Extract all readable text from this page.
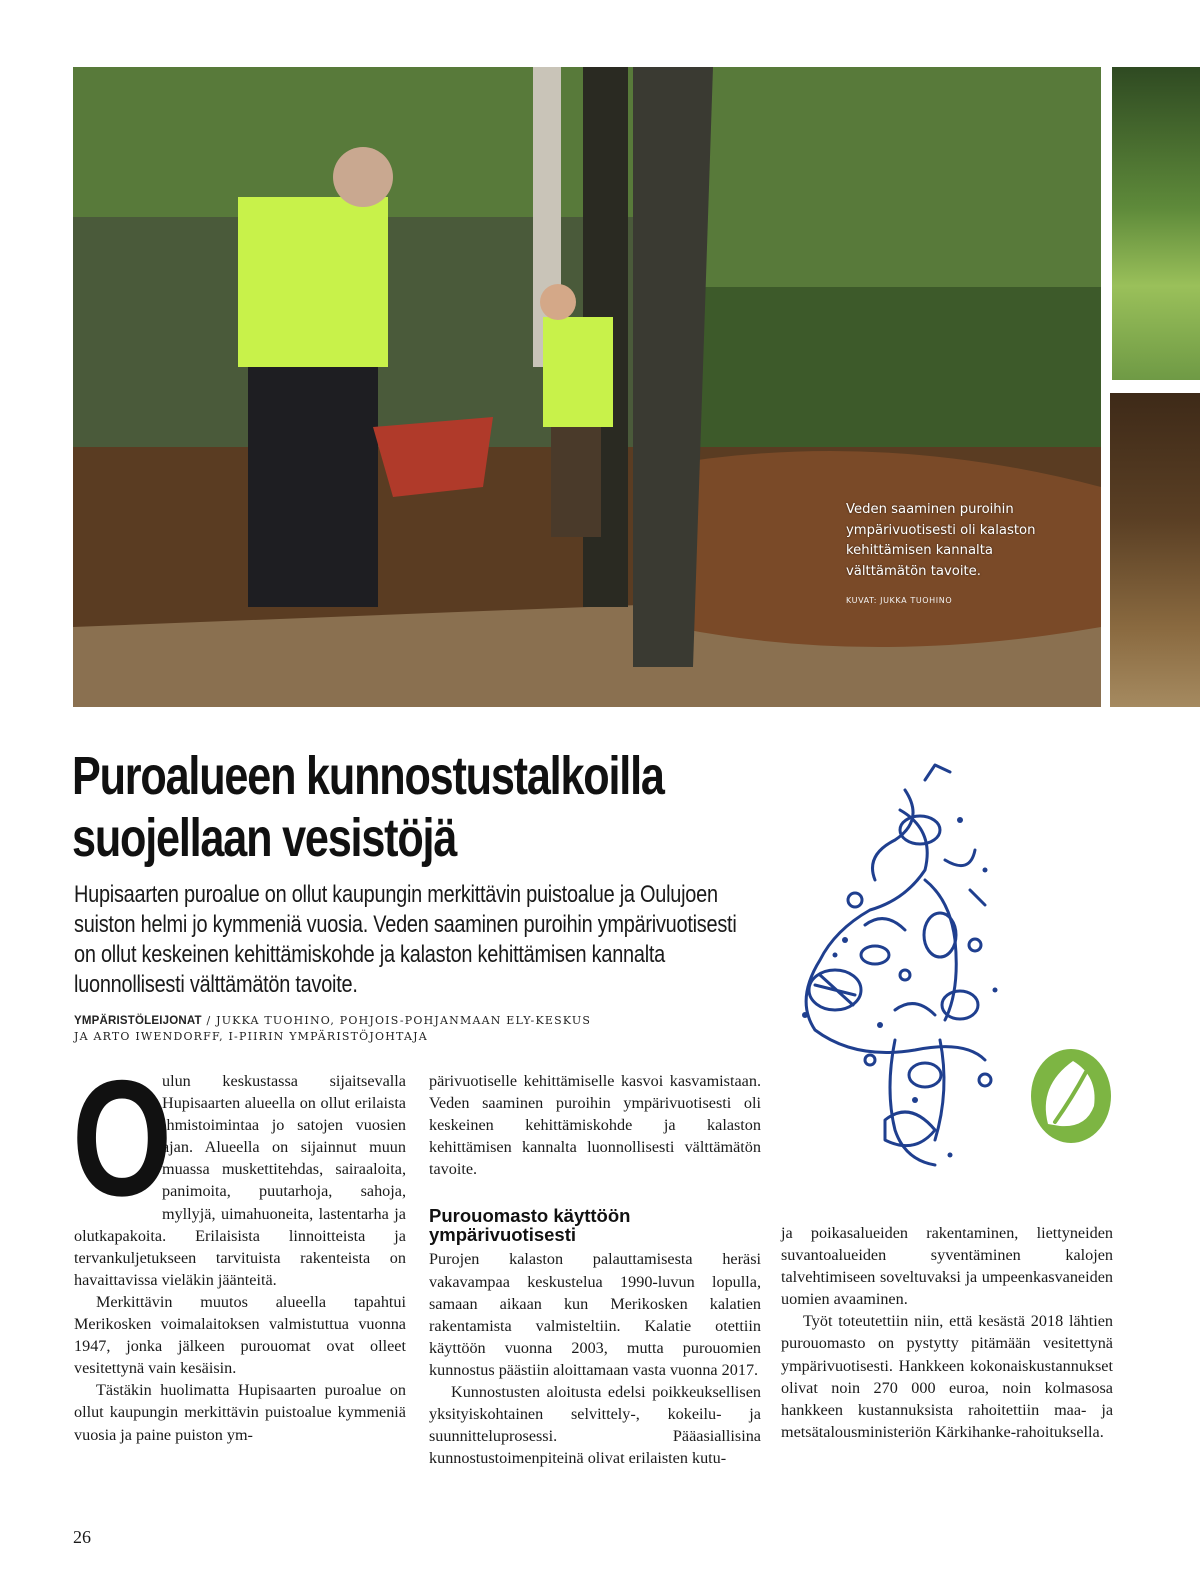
Veden saaminen puroihin ympärivuotisesti oli kalaston kehittämisen kannalta välttämätön tavoite.
KUVAT: JUKKA TUOHINO
Puroalueen kunnostustalkoilla
suojellaan vesistöjä
Hupisaarten puroalue on ollut kaupungin merkittävin puistoalue ja Oulujoen suiston helmi jo kymmeniä vuosia. Veden saaminen puroihin ympärivuotisesti on ollut keskeinen kehittämiskohde ja kalaston kehittämisen kannalta luonnollisesti välttämätön tavoite.
YMPÄRISTÖLEIJONAT / JUKKA TUOHINO, POHJOIS-POHJANMAAN ELY-KESKUS
JA ARTO IWENDORFF, I-PIIRIN YMPÄRISTÖJOHTAJA

O
ulun keskustassa sijaitsevalla Hupisaarten alueella on ollut erilaista ihmistoimintaa jo satojen vuosien ajan. Alueella on sijainnut muun muassa muskettitehdas, sairaaloita, panimoita, puutarhoja, sahoja, myllyjä, uimahuoneita, lastentarha ja olutkapakoita. Erilaisista linnoitteista ja tervankuljetukseen tarvituista rakenteista on havaittavissa vieläkin jäänteitä.

Merkittävin muutos alueella tapahtui Merikosken voimalaitoksen valmistuttua vuonna 1947, jonka jälkeen purouomat ovat olleet vesitettynä vain kesäisin.

Tästäkin huolimatta Hupisaarten puroalue on ollut kaupungin merkittävin puistoalue kymmeniä vuosia ja paine puiston ym-

pärivuotiselle kehittämiselle kasvoi kasvamistaan. Veden saaminen puroihin ympärivuotisesti oli keskeinen kehittämiskohde ja kalaston kehittämisen kannalta luonnollisesti välttämätön tavoite.

Purouomasto käyttöön ympärivuotisesti

Purojen kalaston palauttamisesta heräsi vakavampaa keskustelua 1990-luvun lopulla, samaan aikaan kun Merikosken kalatien rakentamista valmisteltiin. Kalatie otettiin käyttöön vuonna 2003, mutta purouomien kunnostus päästiin aloittamaan vasta vuonna 2017.

Kunnostusten aloitusta edelsi poikkeuksellisen yksityiskohtainen selvittely-, kokeilu- ja suunnitteluprosessi. Pääasiallisina kunnostustoimenpiteinä olivat erilaisten kutu-

ja poikasalueiden rakentaminen, liettyneiden suvantoalueiden syventäminen kalojen talvehtimiseen soveltuvaksi ja umpeenkasvaneiden uomien avaaminen.

Työt toteutettiin niin, että kesästä 2018 lähtien purouomasto on pystytty pitämään vesitettynä ympärivuotisesti. Hankkeen kokonaiskustannukset olivat noin 270 000 euroa, noin kolmasosa hankkeen kustannuksista rahoitettiin maa- ja metsätalousministeriön Kärkihanke-rahoituksella.

26
